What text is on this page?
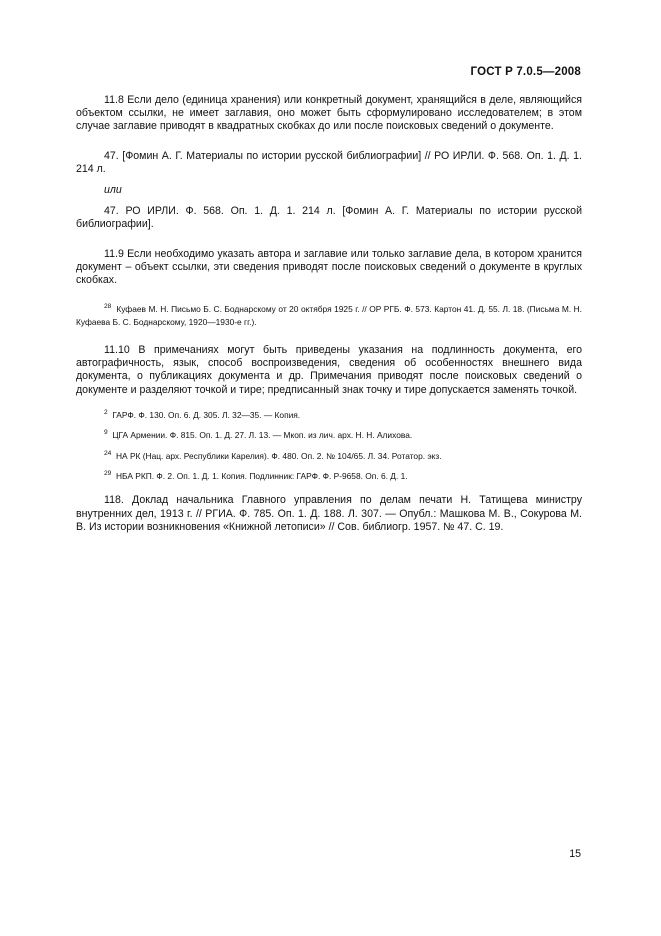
ГОСТ Р 7.0.5—2008

11.8 Если дело (единица хранения) или конкретный документ, хранящийся в деле, являющийся объектом ссылки, не имеет заглавия, оно может быть сформулировано исследователем; в этом случае заглавие приводят в квадратных скобках до или после поисковых сведений о документе.

47. [Фомин А. Г. Материалы по истории русской библиографии] // РО ИРЛИ. Ф. 568. Оп. 1. Д. 1. 214 л.

или

47. РО ИРЛИ. Ф. 568. Оп. 1. Д. 1. 214 л. [Фомин А. Г. Материалы по истории русской библиографии].

11.9 Если необходимо указать автора и заглавие или только заглавие дела, в котором хранится документ – объект ссылки, эти сведения приводят после поисковых сведений о документе в круглых скобках.

$^{28}$ Куфаев М. Н. Письмо Б. С. Боднарскому от 20 октября 1925 г. // ОР РГБ. Ф. 573. Картон 41. Д. 55. Л. 18. (Письма М. Н. Куфаева Б. С. Боднарскому, 1920—1930-е гг.).

11.10 В примечаниях могут быть приведены указания на подлинность документа, его автографичность, язык, способ воспроизведения, сведения об особенностях внешнего вида документа, о публикациях документа и др. Примечания приводят после поисковых сведений о документе и разделяют точкой и тире; предписанный знак точку и тире допускается заменять точкой.

$^2$ ГАРФ. Ф. 130. Оп. 6. Д. 305. Л. 32—35. — Копия.

$^9$ ЦГА Армении. Ф. 815. Оп. 1. Д. 27. Л. 13. — Мкоп. из лич. арх. Н. Н. Алихова.

$^{24}$ НА РК (Нац. арх. Республики Карелия). Ф. 480. Оп. 2. № 104/65. Л. 34. Ротатор. экз.

$^{29}$ НБА РКП. Ф. 2. Оп. 1. Д. 1. Копия. Подлинник: ГАРФ. Ф. Р-9658. Оп. 6. Д. 1.

118. Доклад начальника Главного управления по делам печати Н. Татищева министру внутренних дел, 1913 г. // РГИА. Ф. 785. Оп. 1. Д. 188. Л. 307. — Опубл.: Машкова М. В., Сокурова М. В. Из истории возникновения «Книжной летописи» // Сов. библиогр. 1957. № 47. С. 19.

15
